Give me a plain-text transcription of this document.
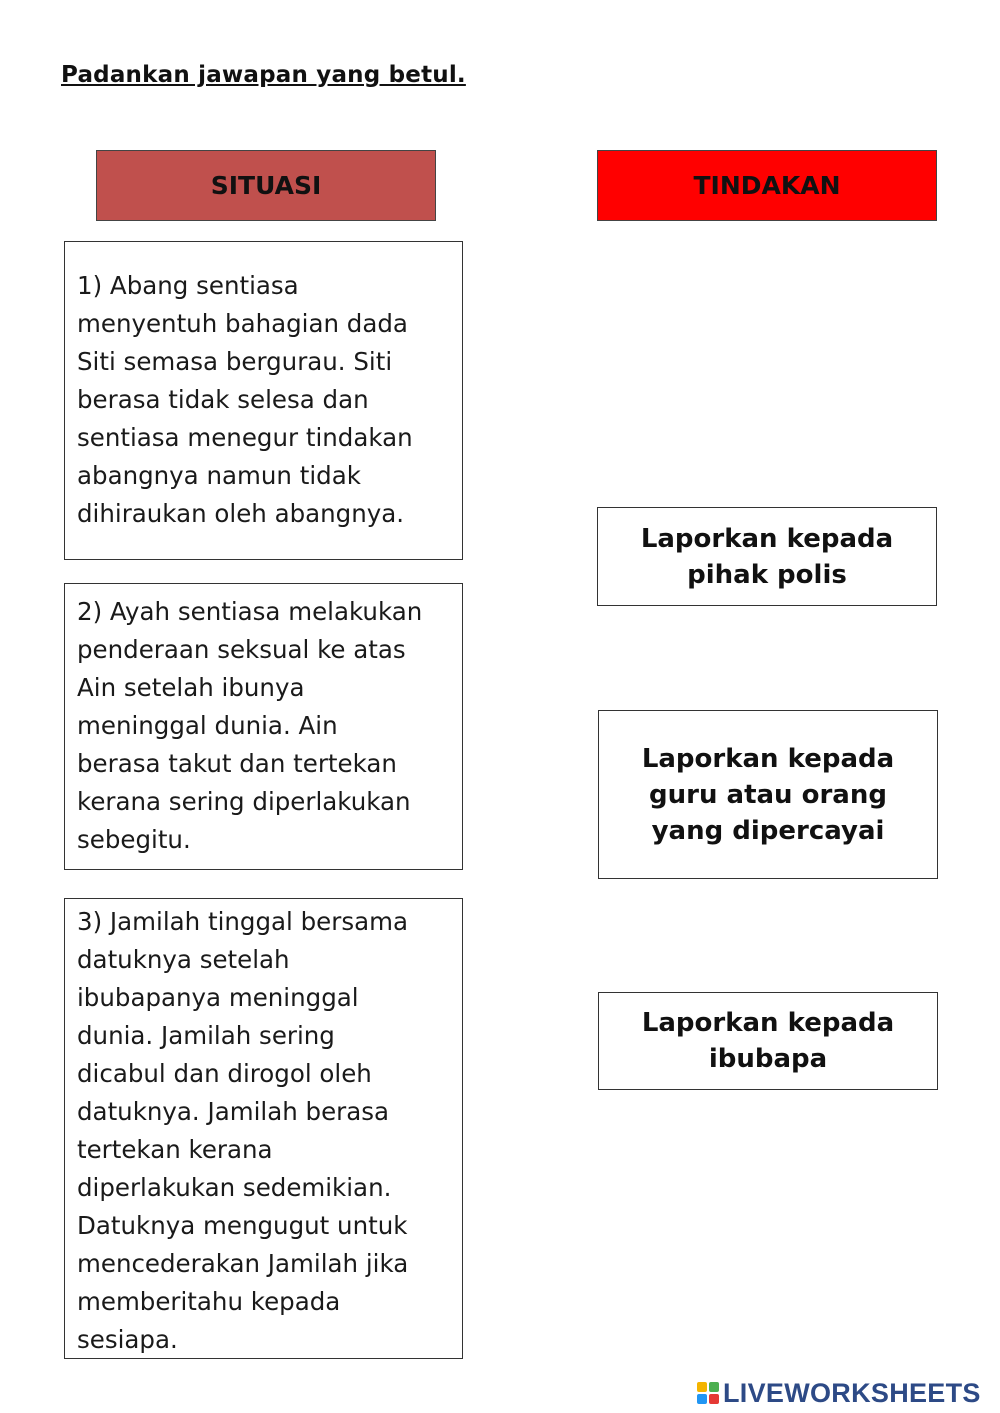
Padankan jawapan yang betul.
SITUASI	TINDAKAN
1) Abang sentiasa
menyentuh bahagian dada
Siti semasa bergurau. Siti
berasa tidak selesa dan
sentiasa menegur tindakan
abangnya namun tidak
dihiraukan oleh abangnya.
2) Ayah sentiasa melakukan
penderaan seksual ke atas
Ain setelah ibunya
meninggal dunia. Ain
berasa takut dan tertekan
kerana sering diperlakukan
sebegitu.
3) Jamilah tinggal bersama
datuknya setelah
ibubapanya meninggal
dunia. Jamilah sering
dicabul dan dirogol oleh
datuknya. Jamilah berasa
tertekan kerana
diperlakukan sedemikian.
Datuknya mengugut untuk
mencederakan Jamilah jika
memberitahu kepada
sesiapa.
Laporkan kepada
pihak polis
Laporkan kepada
guru atau orang
yang dipercayai
Laporkan kepada
ibubapa
LIVEWORKSHEETS
